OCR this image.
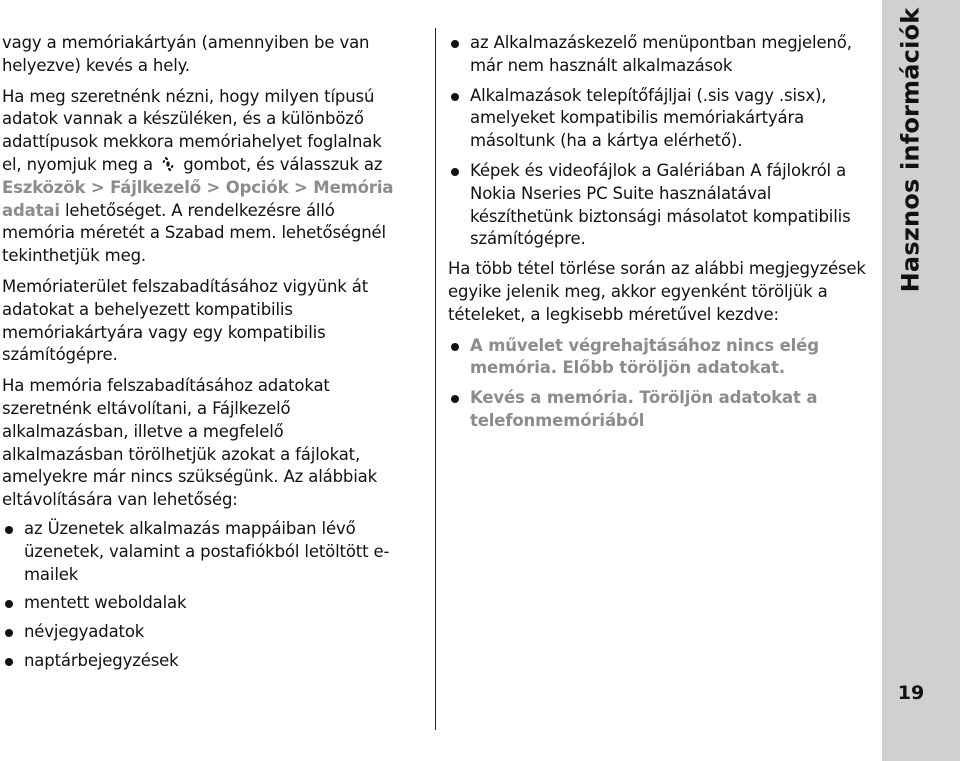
vagy a memóriakártyán (amennyiben be van helyezve) kevés a hely.

Ha meg szeretnénk nézni, hogy milyen típusú adatok vannak a készüléken, és a különböző adattípusok mekkora memóriahelyet foglalnak el, nyomjuk meg a gombot, és válasszuk az Eszközök > Fájlkezelő > Opciók > Memória adatai lehetőséget. A rendelkezésre álló memória méretét a Szabad mem. lehetőségnél tekinthetjük meg.

Memóriaterület felszabadításához vigyünk át adatokat a behelyezett kompatibilis memóriakártyára vagy egy kompatibilis számítógépre.

Ha memória felszabadításához adatokat szeretnénk eltávolítani, a Fájlkezelő alkalmazásban, illetve a megfelelő alkalmazásban törölhetjük azokat a fájlokat, amelyekre már nincs szükségünk. Az alábbiak eltávolítására van lehetőség:

az Üzenetek alkalmazás mappáiban lévő üzenetek, valamint a postafiókból letöltött e-mailek
mentett weboldalak
névjegyadatok
naptárbejegyzések
az Alkalmazáskezelő menüpontban megjelenő, már nem használt alkalmazások
Alkalmazások telepítőfájljai (.sis vagy .sisx), amelyeket kompatibilis memóriakártyára másoltunk (ha a kártya elérhető).
Képek és videofájlok a Galériában A fájlokról a Nokia Nseries PC Suite használatával készíthetünk biztonsági másolatot kompatibilis számítógépre.

Ha több tétel törlése során az alábbi megjegyzések egyike jelenik meg, akkor egyenként töröljük a tételeket, a legkisebb méretűvel kezdve:

A művelet végrehajtásához nincs elég memória. Előbb töröljön adatokat.
Kevés a memória. Töröljön adatokat a telefonmemóriából
Hasznos információk
19
